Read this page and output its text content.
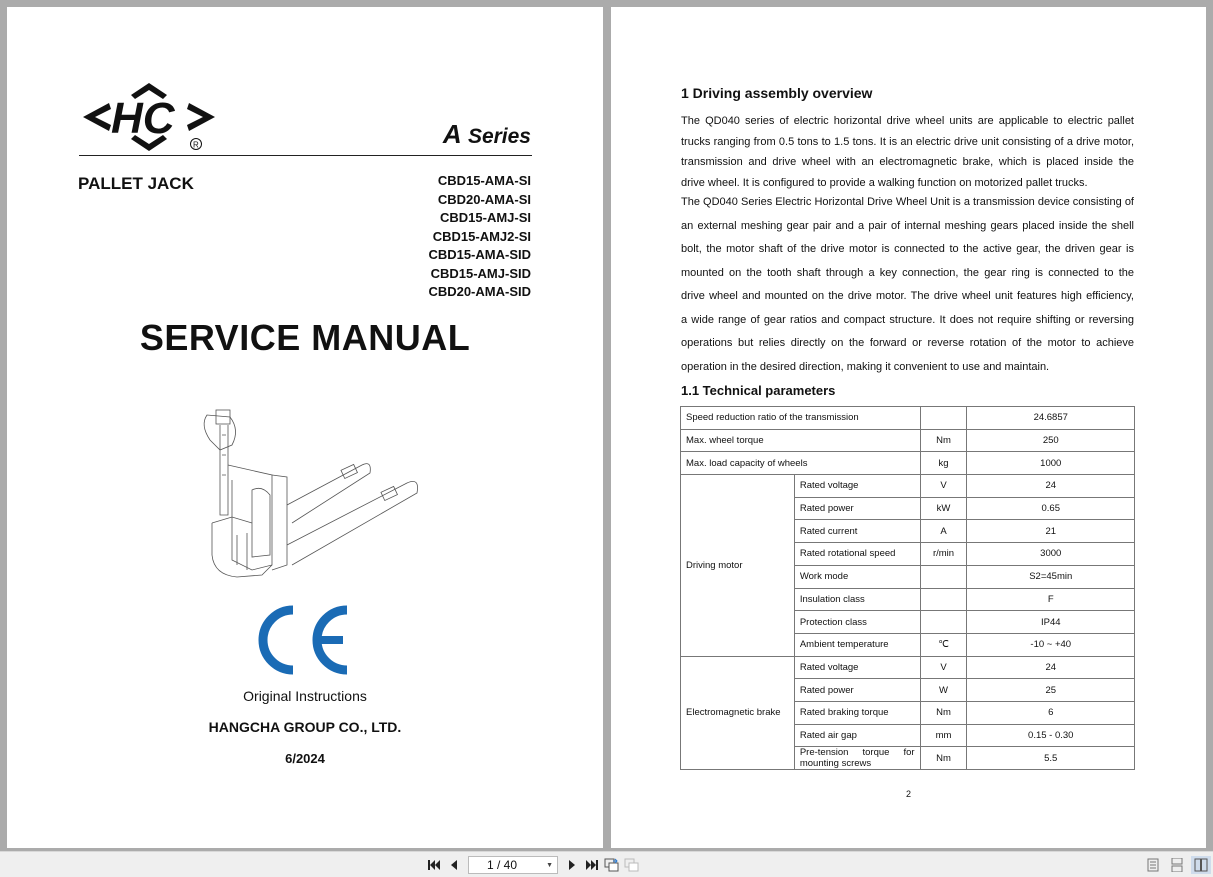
HC
R	A Series
PALLET JACK	CBD15-AMA-SI
CBD20-AMA-SI
CBD15-AMJ-SI
CBD15-AMJ2-SI
CBD15-AMA-SID
CBD15-AMJ-SID
CBD20-AMA-SID
SERVICE MANUAL
Original Instructions
HANGCHA GROUP CO., LTD.
6/2024
1 Driving assembly overview
The QD040 series of electric horizontal drive wheel units are applicable to electric pallet
trucks ranging from 0.5 tons to 1.5 tons. It is an electric drive unit consisting of a drive motor,
transmission and drive wheel with an electromagnetic brake, which is placed inside the
drive wheel. It is configured to provide a walking function on motorized pallet trucks.
The QD040 Series Electric Horizontal Drive Wheel Unit is a transmission device consisting of
an external meshing gear pair and a pair of internal meshing gears placed inside the shell
bolt, the motor shaft of the drive motor is connected to the active gear, the driven gear is
mounted on the tooth shaft through a key connection, the gear ring is connected to the
drive wheel and mounted on the drive motor. The drive wheel unit features high efficiency,
a wide range of gear ratios and compact structure. It does not require shifting or reversing
operations but relies directly on the forward or reverse rotation of the motor to achieve
operation in the desired direction, making it convenient to use and maintain.
1.1 Technical parameters
Speed reduction ratio of the transmission			24.6857
Max. wheel torque		Nm	250
Max. load capacity of wheels		kg	1000
Driving motor	Rated voltage	V	24
	Rated power	kW	0.65
	Rated current	A	21
	Rated rotational speed	r/min	3000
	Work mode		S2=45min
	Insulation class		F
	Protection class		IP44
	Ambient temperature	℃	-10 ~ +40
Electromagnetic brake	Rated voltage	V	24
	Rated power	W	25
	Rated braking torque	Nm	6
	Rated air gap	mm	0.15 - 0.30
	Pre-tension torque for mounting screws	Nm	5.5
2
1 / 40	▼
